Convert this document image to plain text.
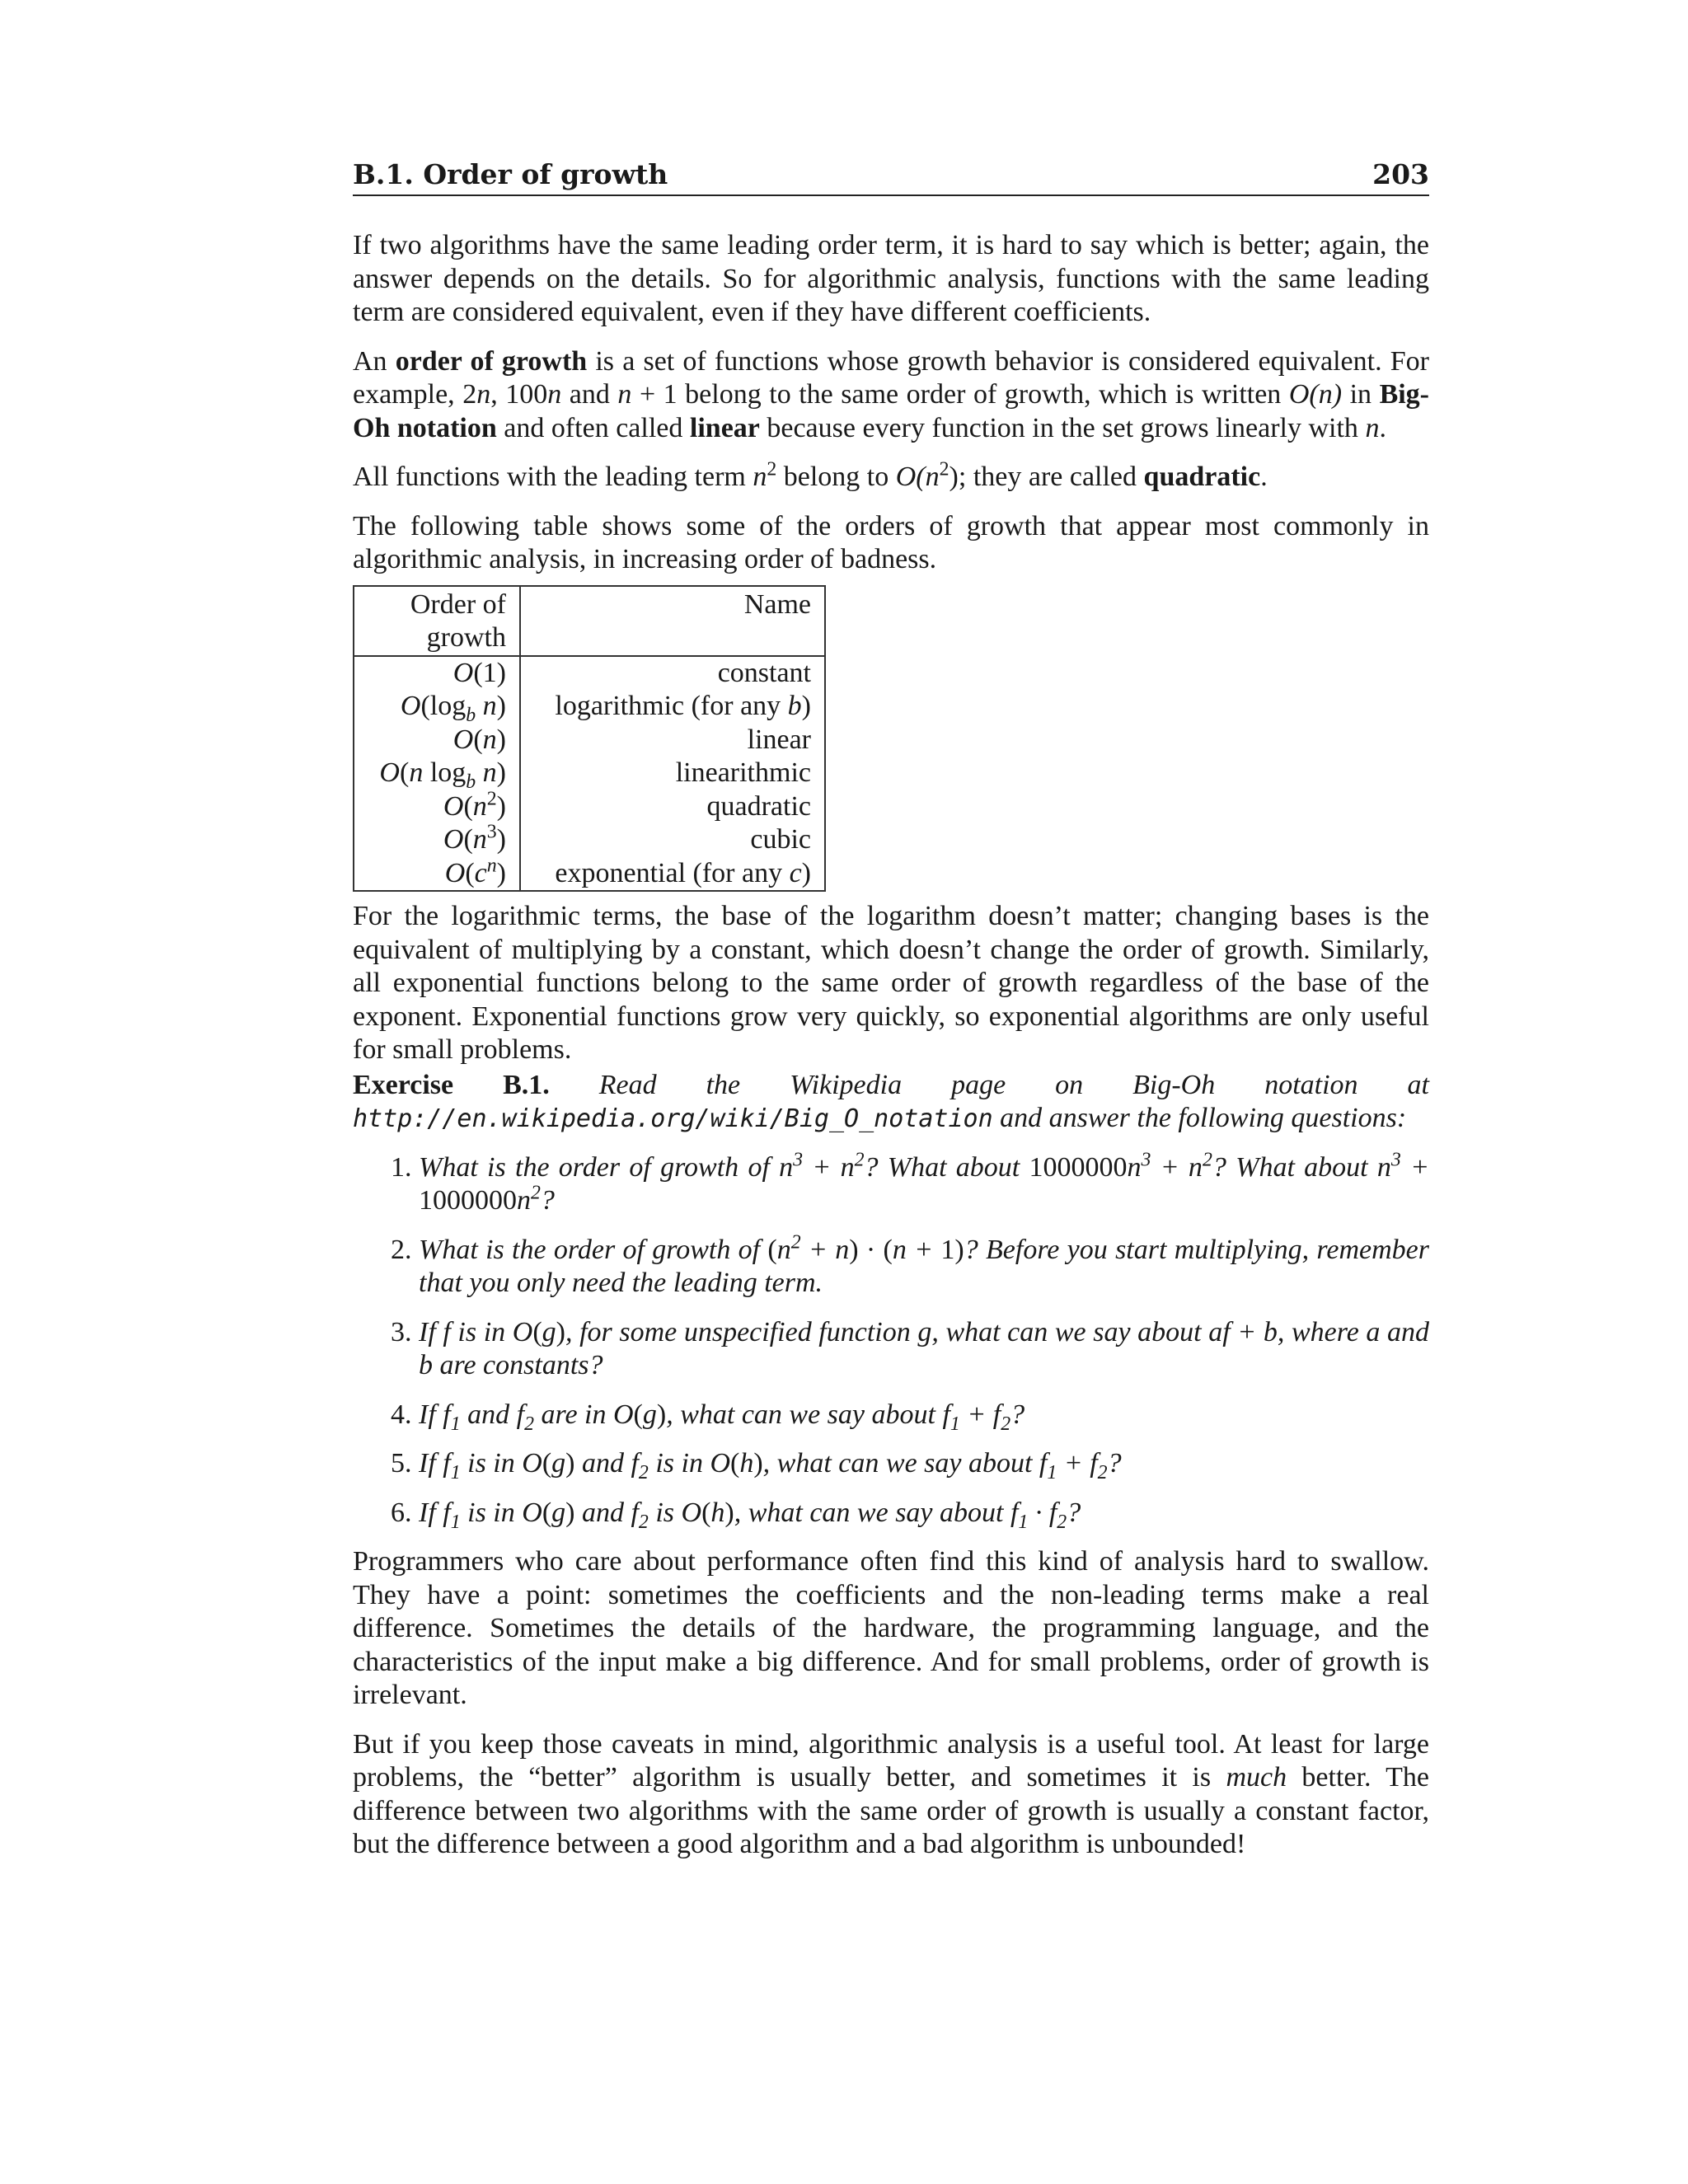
B.1. Order of growth	203

If two algorithms have the same leading order term, it is hard to say which is better; again, the answer depends on the details. So for algorithmic analysis, functions with the same leading term are considered equivalent, even if they have different coefficients.

An order of growth is a set of functions whose growth behavior is considered equivalent. For example, 2n, 100n and n + 1 belong to the same order of growth, which is written O(n) in Big-Oh notation and often called linear because every function in the set grows linearly with n.

All functions with the leading term $n^2$ belong to $O(n^2)$; they are called quadratic.

The following table shows some of the orders of growth that appear most commonly in algorithmic analysis, in increasing order of badness.

Order of growth	Name
O(1)	constant
$O(\log_b$ n)	logarithmic (for any b)
O(n)	linear
O(n $\log_b n$)	linearithmic
$O(n^2)$	quadratic
$O(n^3)$	cubic
$O(c^n)$	exponential (for any c)

For the logarithmic terms, the base of the logarithm doesn’t matter; changing bases is the equivalent of multiplying by a constant, which doesn’t change the order of growth. Similarly, all exponential functions belong to the same order of growth regardless of the base of the exponent. Exponential functions grow very quickly, so exponential algorithms are only useful for small problems.

Exercise B.1. Read the Wikipedia page on Big-Oh notation at http://en.wikipedia.org/wiki/Big_O_notation and answer the following questions:

1. What is the order of growth of $n^3 + n^2$? What about $1000000n^3 + n^2$? What about $n^3 + 1000000n^2$?
2. What is the order of growth of $(n^2 + n) \cdot (n + 1)$? Before you start multiplying, remember that you only need the leading term.
3. If f is in O(g), for some unspecified function g, what can we say about af + b, where a and b are constants?
4. If $f_1$ and $f_2$ are in O(g), what can we say about $f_1 + f_2$?
5. If $f_1$ is in O(g) and $f_2$ is in O(h), what can we say about $f_1 + f_2$?
6. If $f_1$ is in O(g) and $f_2$ is O(h), what can we say about $f_1 \cdot f_2$?

Programmers who care about performance often find this kind of analysis hard to swallow. They have a point: sometimes the coefficients and the non-leading terms make a real difference. Sometimes the details of the hardware, the programming language, and the characteristics of the input make a big difference. And for small problems, order of growth is irrelevant.

But if you keep those caveats in mind, algorithmic analysis is a useful tool. At least for large problems, the “better” algorithm is usually better, and sometimes it is much better. The difference between two algorithms with the same order of growth is usually a constant factor, but the difference between a good algorithm and a bad algorithm is unbounded!
